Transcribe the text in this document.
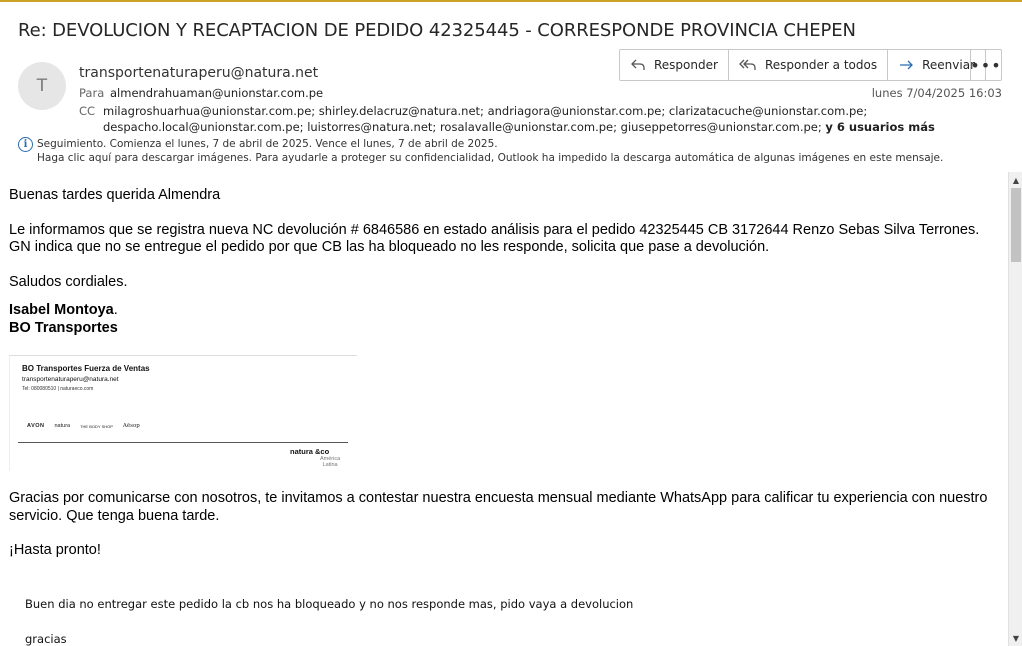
Re: DEVOLUCION Y RECAPTACION DE PEDIDO 42325445 - CORRESPONDE PROVINCIA CHEPEN
T
transportenaturaperu@natura.net
Para almendrahuaman@unionstar.com.pe
CC milagroshuarhua@unionstar.com.pe; shirley.delacruz@natura.net; andriagora@unionstar.com.pe; clarizatacuche@unionstar.com.pe;
despacho.local@unionstar.com.pe; luistorres@natura.net; rosalavalle@unionstar.com.pe; giuseppetorres@unionstar.com.pe; y 6 usuarios más
Responder	Responder a todos	Reenviar
•••
lunes 7/04/2025 16:03
i Seguimiento. Comienza el lunes, 7 de abril de 2025. Vence el lunes, 7 de abril de 2025.
Haga clic aquí para descargar imágenes. Para ayudarle a proteger su confidencialidad, Outlook ha impedido la descarga automática de algunas imágenes en este mensaje.
Buenas tardes querida Almendra
Le informamos que se registra nueva NC devolución # 6846586 en estado análisis para el pedido 42325445 CB 3172644 Renzo Sebas Silva Terrones.
GN indica que no se entregue el pedido por que CB las ha bloqueado no les responde, solicita que pase a devolución.
Saludos cordiales.
Isabel Montoya.
BO Transportes
BO Transportes Fuerza de Ventas
transportenaturaperu@natura.net
Tel: 080080510 | naturaeco.com
AVON natura	THE BODY SHOP Aēsop
natura &co
América
Latina
Gracias por comunicarse con nosotros, te invitamos a contestar nuestra encuesta mensual mediante WhatsApp para calificar tu experiencia con nuestro
servicio. Que tenga buena tarde.
¡Hasta pronto!
Buen dia no entregar este pedido la cb nos ha bloqueado y no nos responde mas, pido vaya a devolucion
gracias
▲
▼
